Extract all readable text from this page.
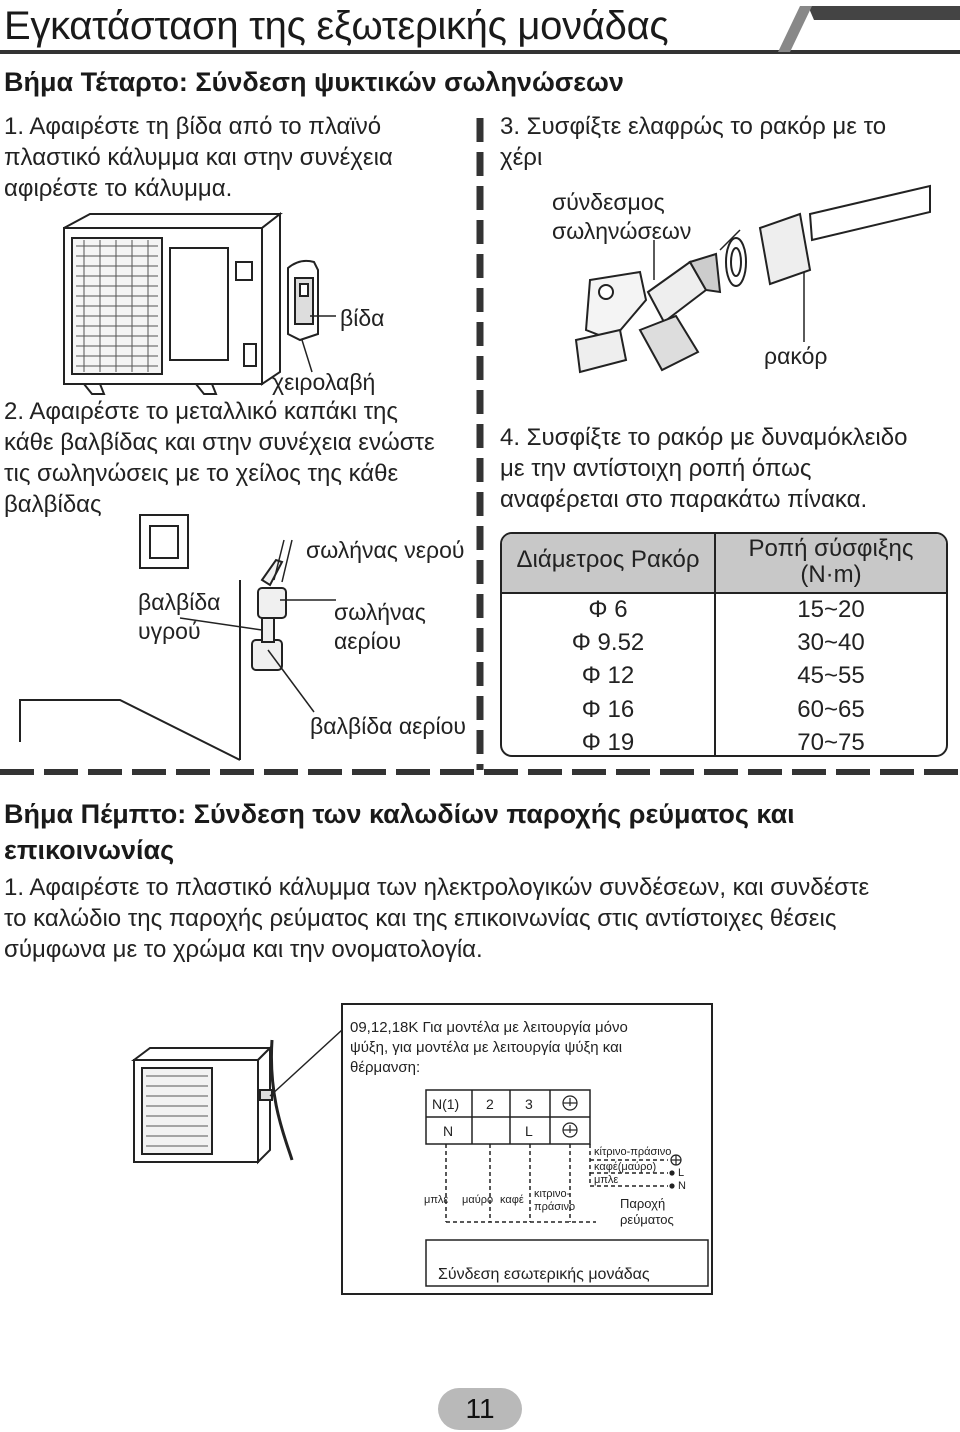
Εγκατάσταση της εξωτερικής μονάδας
Βήμα Τέταρτο: Σύνδεση ψυκτικών σωληνώσεων
1. Αφαιρέστε τη βίδα από το πλαϊνό
πλαστικό κάλυμμα και στην συνέχεια
αφιρέστε το κάλυμμα.
βίδα
χειρολαβή
2. Αφαιρέστε το μεταλλικό καπάκι της
κάθε βαλβίδας και στην συνέχεια ενώστε
τις σωληνώσεις με το χείλος της κάθε
βαλβίδας
σωλήνας νερού
βαλβίδα
υγρού
σωλήνας
αερίου
βαλβίδα αερίου
3. Συσφίξτε ελαφρώς το ρακόρ με το
χέρι
σύνδεσμος
σωληνώσεων
ρακόρ
4. Συσφίξτε το ρακόρ με δυναμόκλειδο
με την αντίστοιχη ροπή όπως
αναφέρεται στο παρακάτω πίνακα.
Διάμετρος Ρακόρ	Ροπή σύσφιξης
(N·m)
Φ 6	15~20
Φ 9.52	30~40
Φ 12	45~55
Φ 16	60~65
Φ 19	70~75
Βήμα Πέμπτο: Σύνδεση των καλωδίων παροχής ρεύματος και
επικοινωνίας
1. Αφαιρέστε το πλαστικό κάλυμμα των ηλεκτρολογικών συνδέσεων, και συνδέστε
το καλώδιο της παροχής ρεύματος και της επικοινωνίας στις αντίστοιχες θέσεις
σύμφωνα με το χρώμα και την ονοματολογία.
09,12,18K Για μοντέλα με λειτουργία μόνο
ψύξη, για μοντέλα με λειτουργία ψύξη και
θέρμανση:
N(1) 2 3
N	L
μπλε μαύρο καφέ κιτρινο-
πράσινο
κίτρινο-πράσινο
καφέ(μαύρο)
μπλε
L
N
Παροχή
ρεύματος
Σύνδεση εσωτερικής μονάδας
11
